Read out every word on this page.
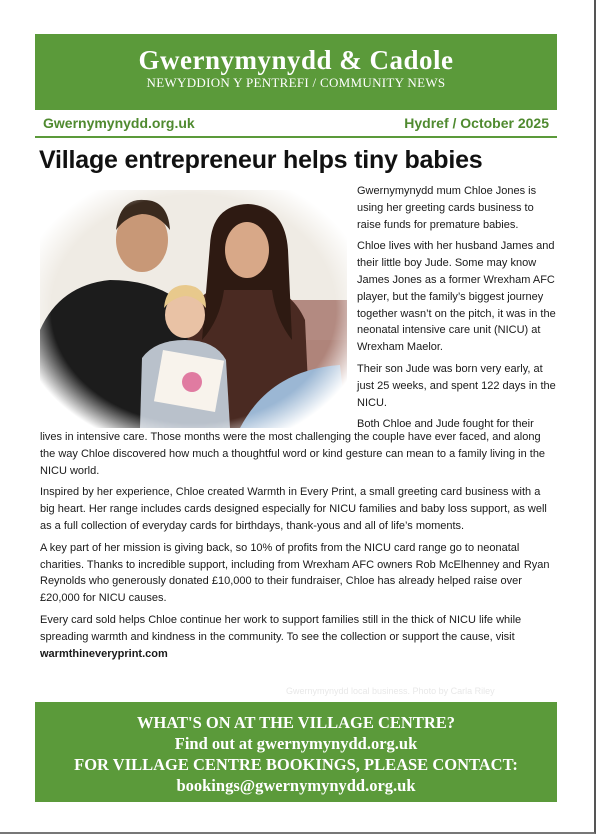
Gwernymynydd & Cadole
NEWYDDION Y PENTREFI / COMMUNITY NEWS
Gwernymynydd.org.uk	Hydref / October 2025
Village entrepreneur helps tiny babies

Gwernymynydd mum Chloe Jones is using her greeting cards business to raise funds for premature babies.

Chloe lives with her husband James and their little boy Jude. Some may know James Jones as a former Wrexham AFC player, but the family’s biggest journey together wasn’t on the pitch, it was in the neonatal intensive care unit (NICU) at Wrexham Maelor.

Their son Jude was born very early, at just 25 weeks, and spent 122 days in the NICU.

Both Chloe and Jude fought for their

lives in intensive care. Those months were the most challenging the couple have ever faced, and along the way Chloe discovered how much a thoughtful word or kind gesture can mean to a family living in the NICU world.

Inspired by her experience, Chloe created Warmth in Every Print, a small greeting card business with a big heart. Her range includes cards designed especially for NICU families and baby loss support, as well as a full collection of everyday cards for birthdays, thank-yous and all of life’s moments.

A key part of her mission is giving back, so 10% of profits from the NICU card range go to neonatal charities. Thanks to incredible support, including from Wrexham AFC owners Rob McElhenney and Ryan Reynolds who generously donated £10,000 to their fundraiser, Chloe has already helped raise over £20,000 for NICU causes.

Every card sold helps Chloe continue her work to support families still in the thick of NICU life while spreading warmth and kindness in the community. To see the collection or support the cause, visit

warmthineveryprint.com
Gwernymynydd local business. Photo by Carla Riley
WHAT'S ON AT THE VILLAGE CENTRE?
Find out at gwernymynydd.org.uk
FOR VILLAGE CENTRE BOOKINGS, PLEASE CONTACT:
bookings@gwernymynydd.org.uk
